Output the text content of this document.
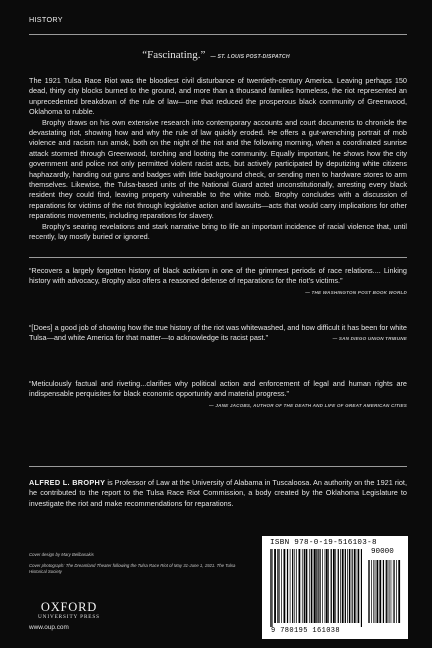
HISTORY
“Fascinating.” — ST. LOUIS POST-DISPATCH

The 1921 Tulsa Race Riot was the bloodiest civil disturbance of twentieth-century America. Leaving perhaps 150 dead, thirty city blocks burned to the ground, and more than a thousand families homeless, the riot represented an unprecedented breakdown of the rule of law—one that reduced the prosperous black community of Greenwood, Oklahoma to rubble.

Brophy draws on his own extensive research into contemporary accounts and court documents to chronicle the devastating riot, showing how and why the rule of law quickly eroded. He offers a gut-wrenching portrait of mob violence and racism run amok, both on the night of the riot and the following morning, when a coordinated sunrise attack stormed through Greenwood, torching and looting the community. Equally important, he shows how the city government and police not only permitted violent racist acts, but actively participated by deputizing white citizens haphazardly, handing out guns and badges with little background check, or sending men to hardware stores to arm themselves. Likewise, the Tulsa-based units of the National Guard acted unconstitutionally, arresting every black resident they could find, leaving property vulnerable to the white mob. Brophy concludes with a discussion of reparations for victims of the riot through legislative action and lawsuits—acts that would carry implications for other reparations movements, including reparations for slavery.

Brophy’s searing revelations and stark narrative bring to life an important incidence of racial violence that, until recently, lay mostly buried or ignored.

“Recovers a largely forgotten history of black activism in one of the grimmest periods of race relations.... Linking history with advocacy, Brophy also offers a reasoned defense of reparations for the riot’s victims.”
— THE WASHINGTON POST BOOK WORLD
“[Does] a good job of showing how the true history of the riot was whitewashed, and how difficult it has been for white Tulsa—and white America for that matter—to acknowledge its racist past.”	— SAN DIEGO UNION TRIBUNE
“Meticulously factual and riveting...clarifies why political action and enforcement of legal and human rights are indispensable perquisites for black economic opportunity and material progress.”
— JANE JACOBS, AUTHOR OF THE DEATH AND LIFE OF GREAT AMERICAN CITIES
ALFRED L. BROPHY is Professor of Law at the University of Alabama in Tuscaloosa. An authority on the 1921 riot, he contributed to the report to the Tulsa Race Riot Commission, a body created by the Oklahoma Legislature to investigate the riot and make recommendations for reparations.
Cover design by Mary Belibasakis
Cover photograph: The Dreamland Theater following the Tulsa Race Riot of May 31-June 1, 1921. The Tulsa Historical Society
OXFORD
UNIVERSITY PRESS
www.oup.com
ISBN 978-0-19-516103-8
90000
9 780195 161038
